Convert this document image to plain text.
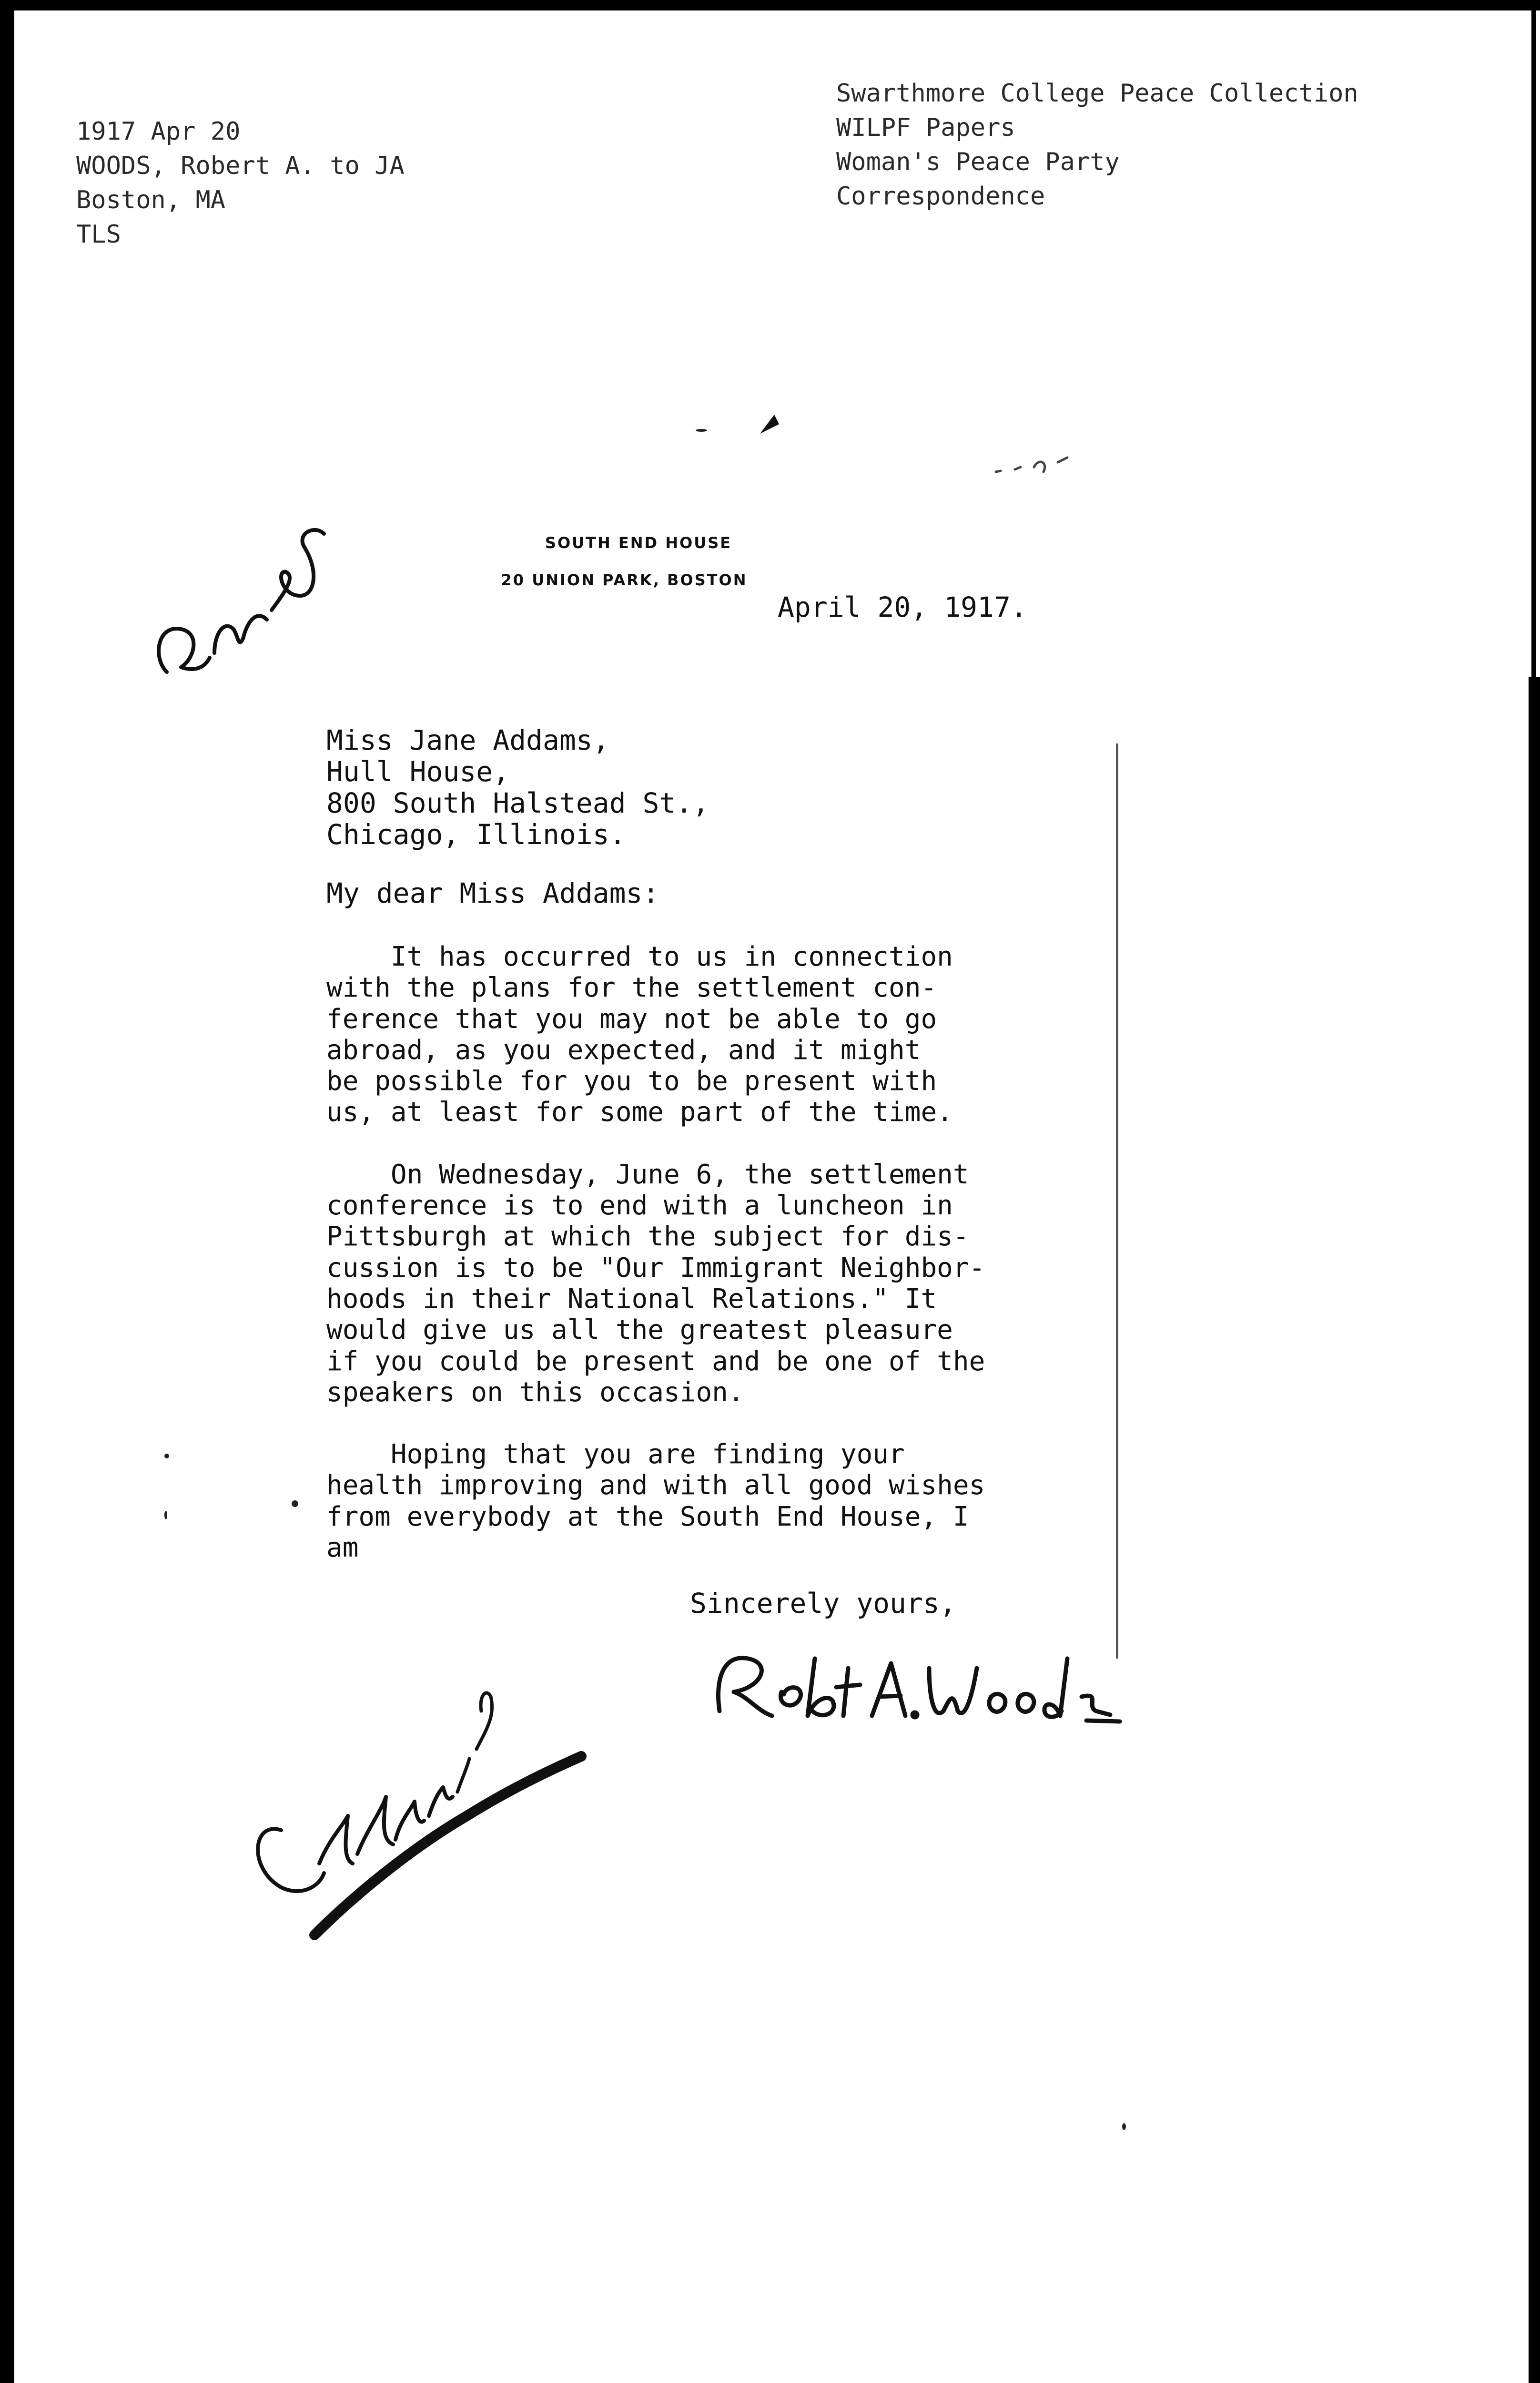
1917 Apr 20
WOODS, Robert A. to JA
Boston, MA
TLS
Swarthmore College Peace Collection
WILPF Papers
Woman's Peace Party
Correspondence
SOUTH END HOUSE
20 UNION PARK, BOSTON
April 20, 1917.
Miss Jane Addams,
Hull House,
800 South Halstead St.,
Chicago, Illinois.
My dear Miss Addams:
It has occurred to us in connection
with the plans for the settlement con-
ference that you may not be able to go
abroad, as you expected, and it might
be possible for you to be present with
us, at least for some part of the time.
On Wednesday, June 6, the settlement
conference is to end with a luncheon in
Pittsburgh at which the subject for dis-
cussion is to be "Our Immigrant Neighbor-
hoods in their National Relations." It
would give us all the greatest pleasure
if you could be present and be one of the
speakers on this occasion.
Hoping that you are finding your
health improving and with all good wishes
from everybody at the South End House, I
am
Sincerely yours,
